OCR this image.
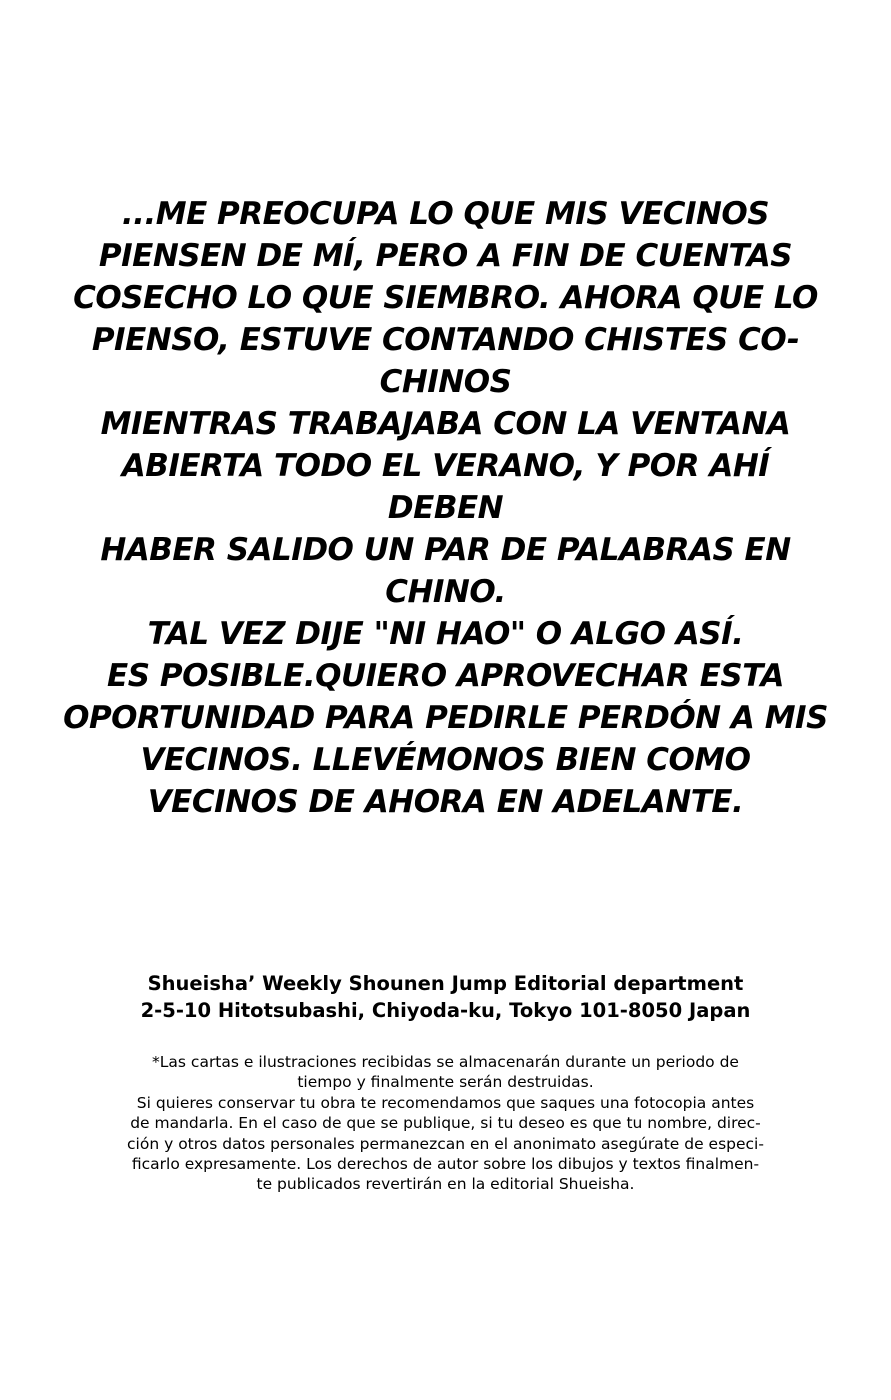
...ME PREOCUPA LO QUE MIS VECINOS
PIENSEN DE MÍ, PERO A FIN DE CUENTAS
COSECHO LO QUE SIEMBRO. AHORA QUE LO
PIENSO, ESTUVE CONTANDO CHISTES CO-
CHINOS
MIENTRAS TRABAJABA CON LA VENTANA
ABIERTA TODO EL VERANO, Y POR AHÍ
DEBEN
HABER SALIDO UN PAR DE PALABRAS EN
CHINO.
TAL VEZ DIJE "NI HAO" O ALGO ASÍ.
ES POSIBLE.QUIERO APROVECHAR ESTA
OPORTUNIDAD PARA PEDIRLE PERDÓN A MIS
VECINOS. LLEVÉMONOS BIEN COMO
VECINOS DE AHORA EN ADELANTE.
Shueisha’ Weekly Shounen Jump Editorial department
2-5-10 Hitotsubashi, Chiyoda-ku, Tokyo 101-8050 Japan
*Las cartas e ilustraciones recibidas se almacenarán durante un periodo de
tiempo y finalmente serán destruidas.
Si quieres conservar tu obra te recomendamos que saques una fotocopia antes
de mandarla. En el caso de que se publique, si tu deseo es que tu nombre, direc-
ción y otros datos personales permanezcan en el anonimato asegúrate de especi-
ficarlo expresamente. Los derechos de autor sobre los dibujos y textos finalmen-
te publicados revertirán en la editorial Shueisha.
